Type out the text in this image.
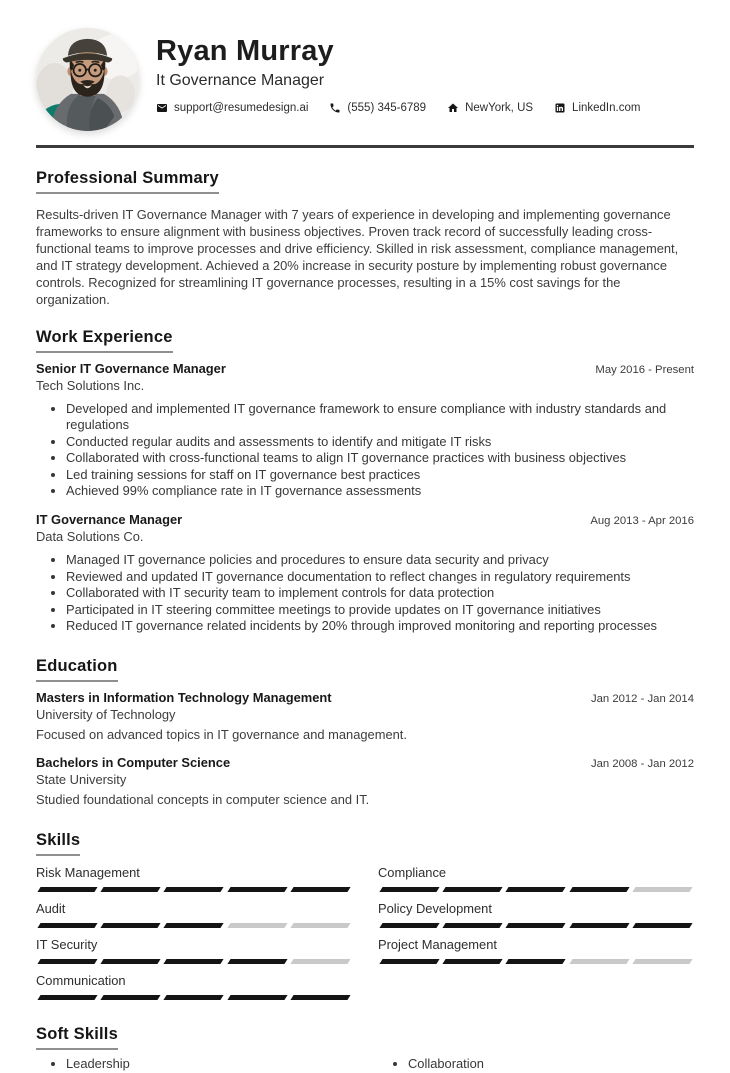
Ryan Murray
It Governance Manager
support@resumedesign.ai	(555) 345-6789	NewYork, US	LinkedIn.com
Professional Summary

Results-driven IT Governance Manager with 7 years of experience in developing and implementing governance frameworks to ensure alignment with business objectives. Proven track record of successfully leading cross-functional teams to improve processes and drive efficiency. Skilled in risk assessment, compliance management, and IT strategy development. Achieved a 20% increase in security posture by implementing robust governance controls. Recognized for streamlining IT governance processes, resulting in a 15% cost savings for the organization.

Work Experience
Senior IT Governance Manager	May 2016 - Present
Tech Solutions Inc.
• Developed and implemented IT governance framework to ensure compliance with industry standards and regulations
• Conducted regular audits and assessments to identify and mitigate IT risks
• Collaborated with cross-functional teams to align IT governance practices with business objectives
• Led training sessions for staff on IT governance best practices
• Achieved 99% compliance rate in IT governance assessments
IT Governance Manager	Aug 2013 - Apr 2016
Data Solutions Co.
• Managed IT governance policies and procedures to ensure data security and privacy
• Reviewed and updated IT governance documentation to reflect changes in regulatory requirements
• Collaborated with IT security team to implement controls for data protection
• Participated in IT steering committee meetings to provide updates on IT governance initiatives
• Reduced IT governance related incidents by 20% through improved monitoring and reporting processes
Education
Masters in Information Technology Management	Jan 2012 - Jan 2014
University of Technology

Focused on advanced topics in IT governance and management.

Bachelors in Computer Science	Jan 2008 - Jan 2012
State University

Studied foundational concepts in computer science and IT.

Skills
Risk Management	Compliance
Audit	Policy Development
IT Security	Project Management
Communication
Soft Skills
• Leadership	• Collaboration
